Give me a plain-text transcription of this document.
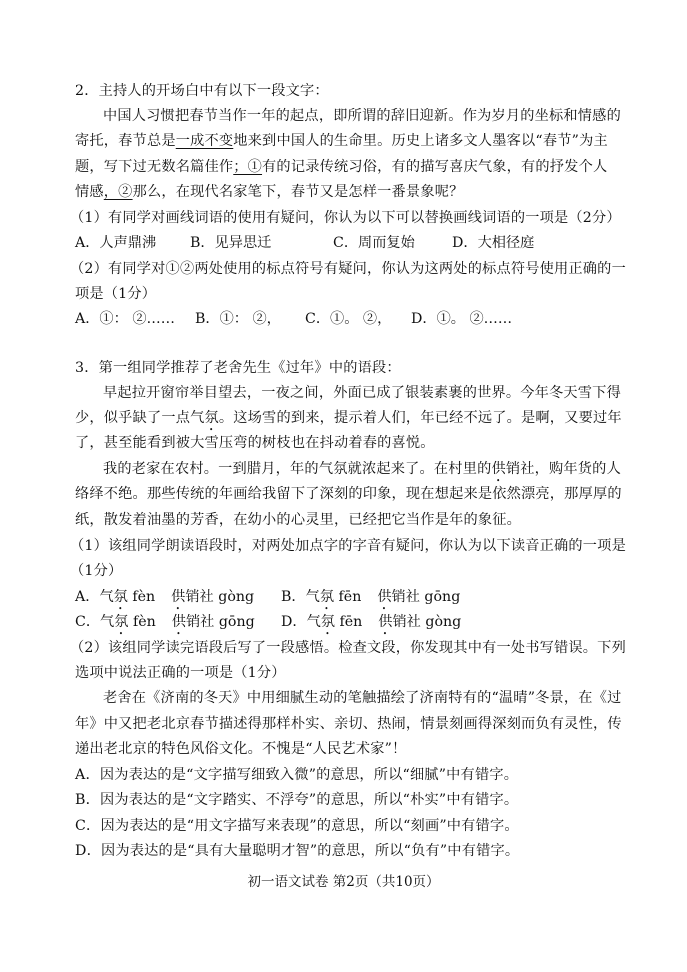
2．主持人的开场白中有以下一段文字：
中国人习惯把春节当作一年的起点，即所谓的辞旧迎新。作为岁月的坐标和情感的
寄托，春节总是一成不变地来到中国人的生命里。历史上诸多文人墨客以“春节”为主
题，写下过无数名篇佳作；①有的记录传统习俗，有的描写喜庆气象，有的抒发个人
情感，②那么，在现代名家笔下，春节又是怎样一番景象呢？
（1）有同学对画线词语的使用有疑问，你认为以下可以替换画线词语的一项是（2分）
A．人声鼎沸 B．见异思迁	C．周而复始	D．大相径庭
（2）有同学对①②两处使用的标点符号有疑问，你认为这两处的标点符号使用正确的一
项是（1分）
A．①： ②…… B．①： ②， C．①。 ②， D．①。 ②……
3．第一组同学推荐了老舍先生《过年》中的语段：
早起拉开窗帘举目望去，一夜之间，外面已成了银装素裹的世界。今年冬天雪下得
少，似乎缺了一点气氛。这场雪的到来，提示着人们，年已经不远了。是啊，又要过年
了，甚至能看到被大雪压弯的树枝也在抖动着春的喜悦。
我的老家在农村。一到腊月，年的气氛就浓起来了。在村里的供销社，购年货的人
络绎不绝。那些传统的年画给我留下了深刻的印象，现在想起来是依然漂亮，那厚厚的
纸，散发着油墨的芳香，在幼小的心灵里，已经把它当作是年的象征。
（1）该组同学朗读语段时，对两处加点字的字音有疑问，你认为以下读音正确的一项是
（1分）
A．气氛 fèn 供销社 gòng B．气氛 fēn 供销社 gōng
C．气氛 fèn 供销社 gōng D．气氛 fēn 供销社 gòng
（2）该组同学读完语段后写了一段感悟。检查文段，你发现其中有一处书写错误。下列
选项中说法正确的一项是（1分）
老舍在《济南的冬天》中用细腻生动的笔触描绘了济南特有的“温晴”冬景，在《过
年》中又把老北京春节描述得那样朴实、亲切、热闹，情景刻画得深刻而负有灵性，传
递出老北京的特色风俗文化。不愧是“人民艺术家”！
A．因为表达的是“文字描写细致入微”的意思，所以“细腻”中有错字。
B．因为表达的是“文字踏实、不浮夸”的意思，所以“朴实”中有错字。
C．因为表达的是“用文字描写来表现”的意思，所以“刻画”中有错字。
D．因为表达的是“具有大量聪明才智”的意思，所以“负有”中有错字。
初一语文试卷 第2页（共10页）
